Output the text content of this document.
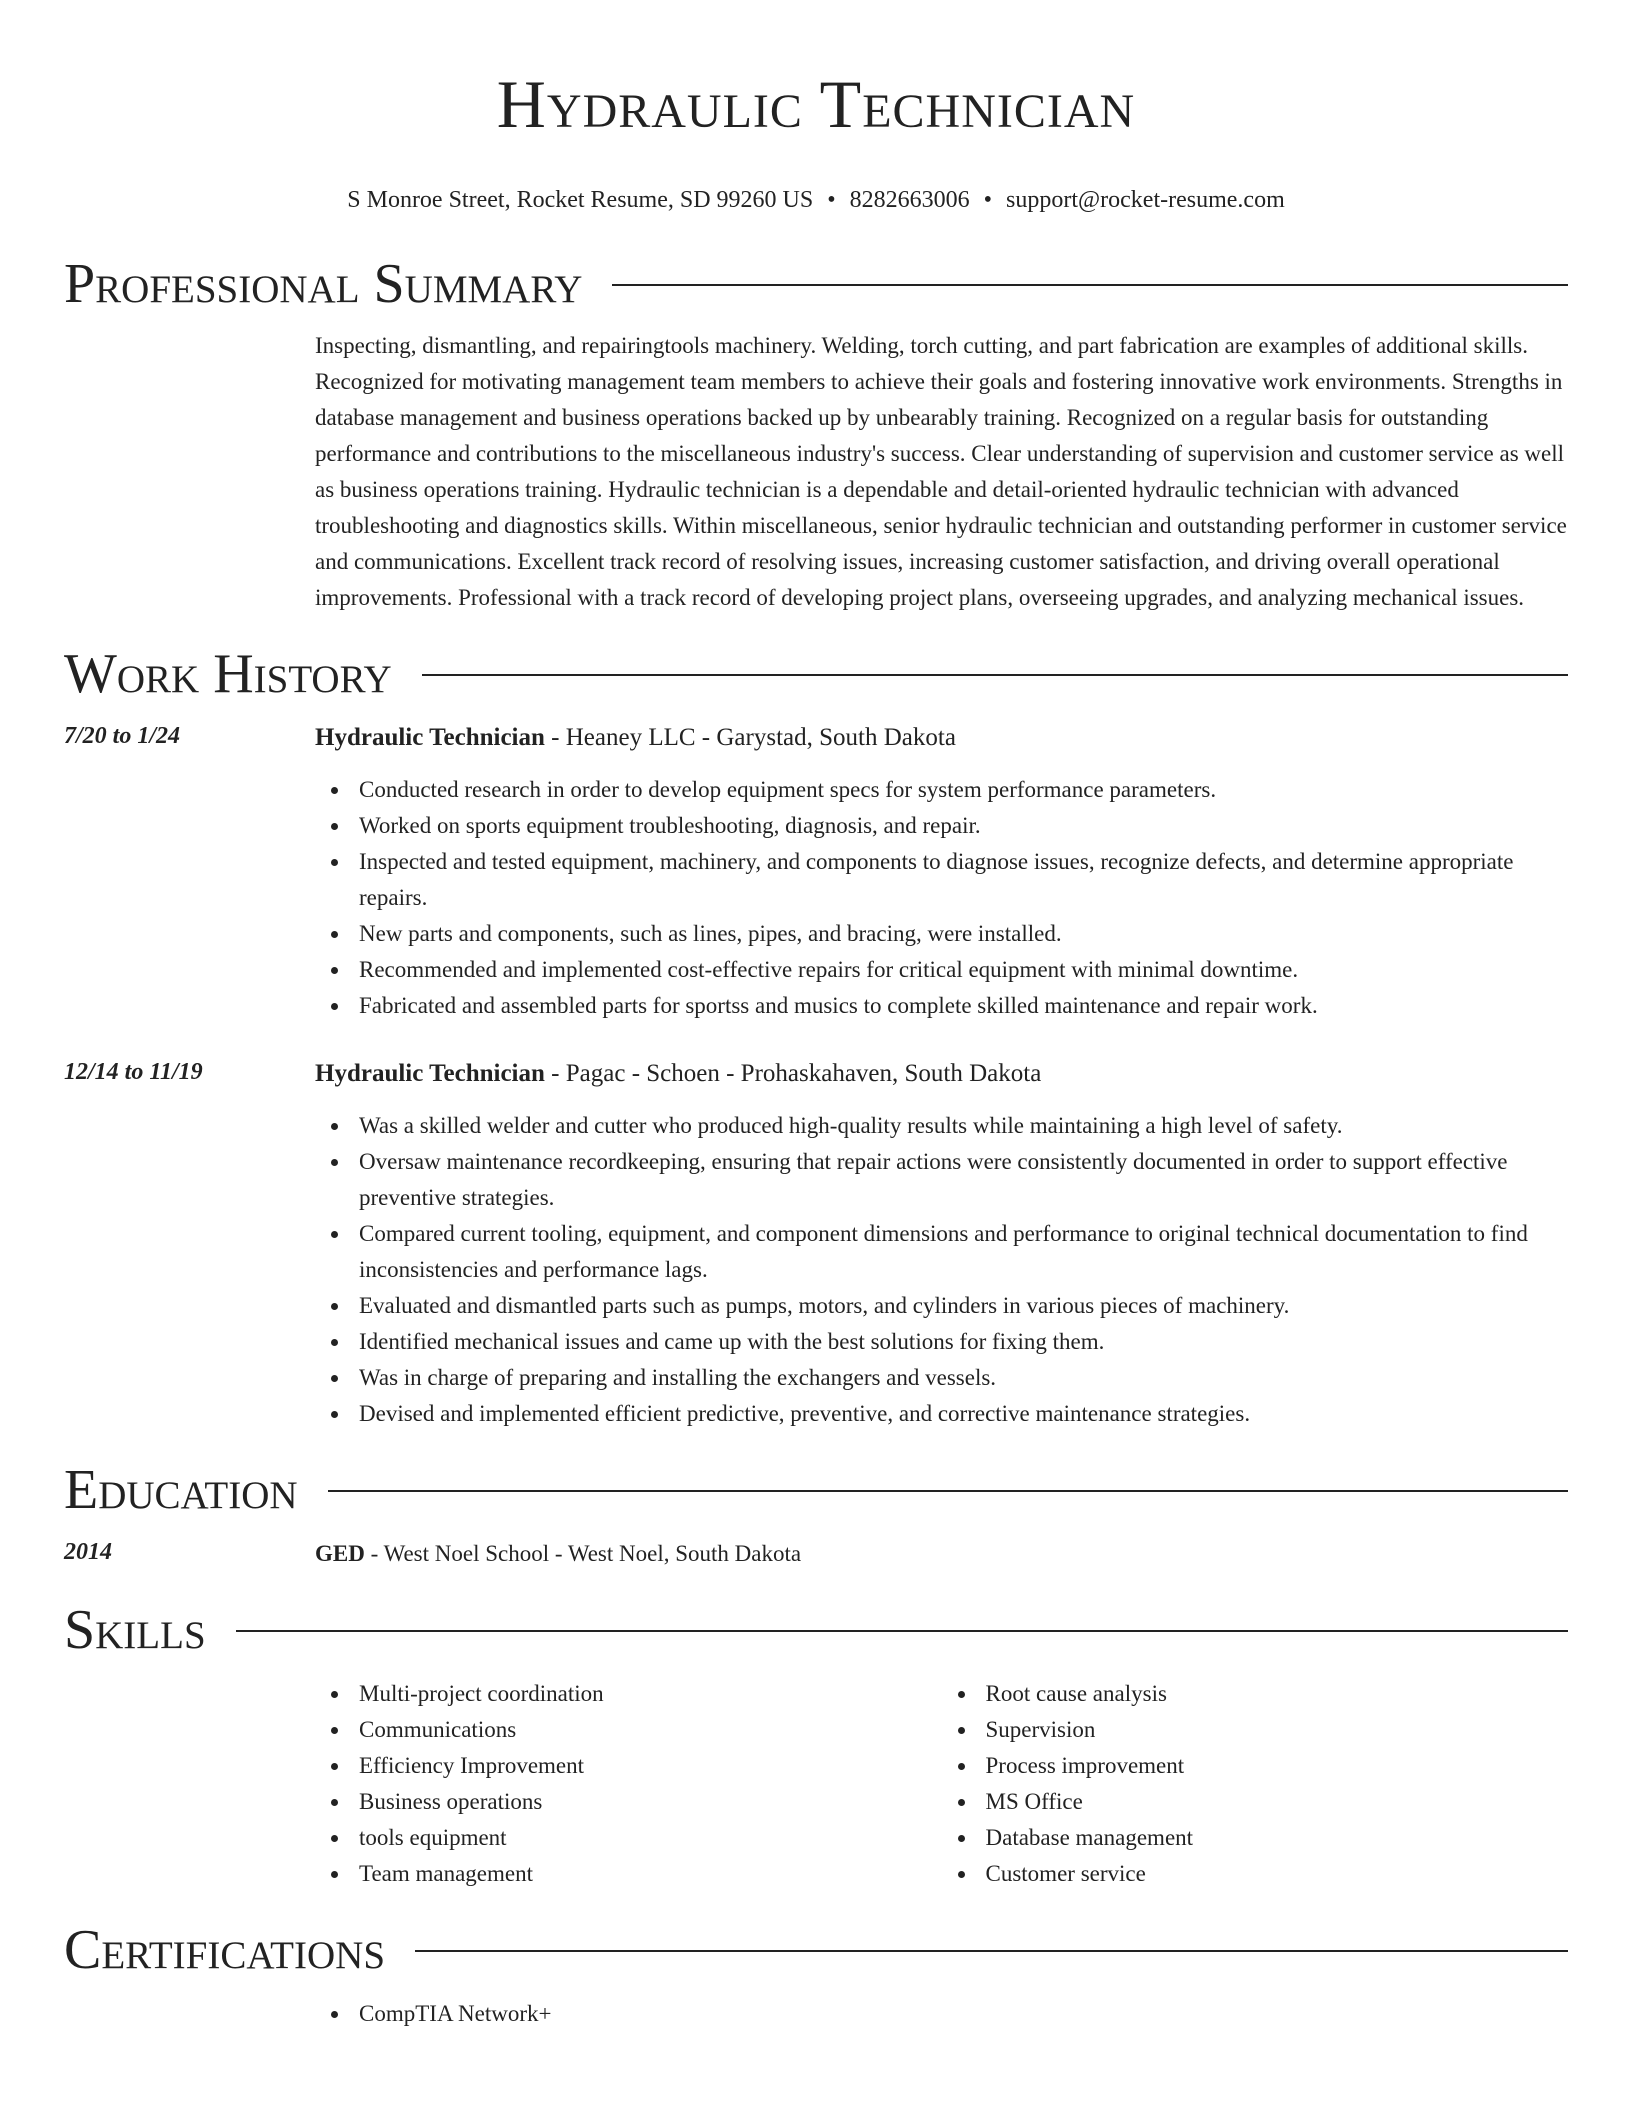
Hydraulic Technician
S Monroe Street, Rocket Resume, SD 99260 US • 8282663006 • support@rocket-resume.com
Professional Summary
Inspecting, dismantling, and repairingtools machinery. Welding, torch cutting, and part fabrication are examples of additional skills. Recognized for motivating management team members to achieve their goals and fostering innovative work environments. Strengths in database management and business operations backed up by unbearably training. Recognized on a regular basis for outstanding performance and contributions to the miscellaneous industry's success. Clear understanding of supervision and customer service as well as business operations training. Hydraulic technician is a dependable and detail-oriented hydraulic technician with advanced troubleshooting and diagnostics skills. Within miscellaneous, senior hydraulic technician and outstanding performer in customer service and communications. Excellent track record of resolving issues, increasing customer satisfaction, and driving overall operational improvements. Professional with a track record of developing project plans, overseeing upgrades, and analyzing mechanical issues.
Work History
7/20 to 1/24	Hydraulic Technician - Heaney LLC - Garystad, South Dakota
Conducted research in order to develop equipment specs for system performance parameters.
Worked on sports equipment troubleshooting, diagnosis, and repair.
Inspected and tested equipment, machinery, and components to diagnose issues, recognize defects, and determine appropriate repairs.
New parts and components, such as lines, pipes, and bracing, were installed.
Recommended and implemented cost-effective repairs for critical equipment with minimal downtime.
Fabricated and assembled parts for sportss and musics to complete skilled maintenance and repair work.
12/14 to 11/19	Hydraulic Technician - Pagac - Schoen - Prohaskahaven, South Dakota
Was a skilled welder and cutter who produced high-quality results while maintaining a high level of safety.
Oversaw maintenance recordkeeping, ensuring that repair actions were consistently documented in order to support effective preventive strategies.
Compared current tooling, equipment, and component dimensions and performance to original technical documentation to find inconsistencies and performance lags.
Evaluated and dismantled parts such as pumps, motors, and cylinders in various pieces of machinery.
Identified mechanical issues and came up with the best solutions for fixing them.
Was in charge of preparing and installing the exchangers and vessels.
Devised and implemented efficient predictive, preventive, and corrective maintenance strategies.
Education
2014	GED - West Noel School - West Noel, South Dakota
Skills
Multi-project coordination
Communications
Efficiency Improvement
Business operations
tools equipment
Team management
Root cause analysis
Supervision
Process improvement
MS Office
Database management
Customer service
Certifications
CompTIA Network+
